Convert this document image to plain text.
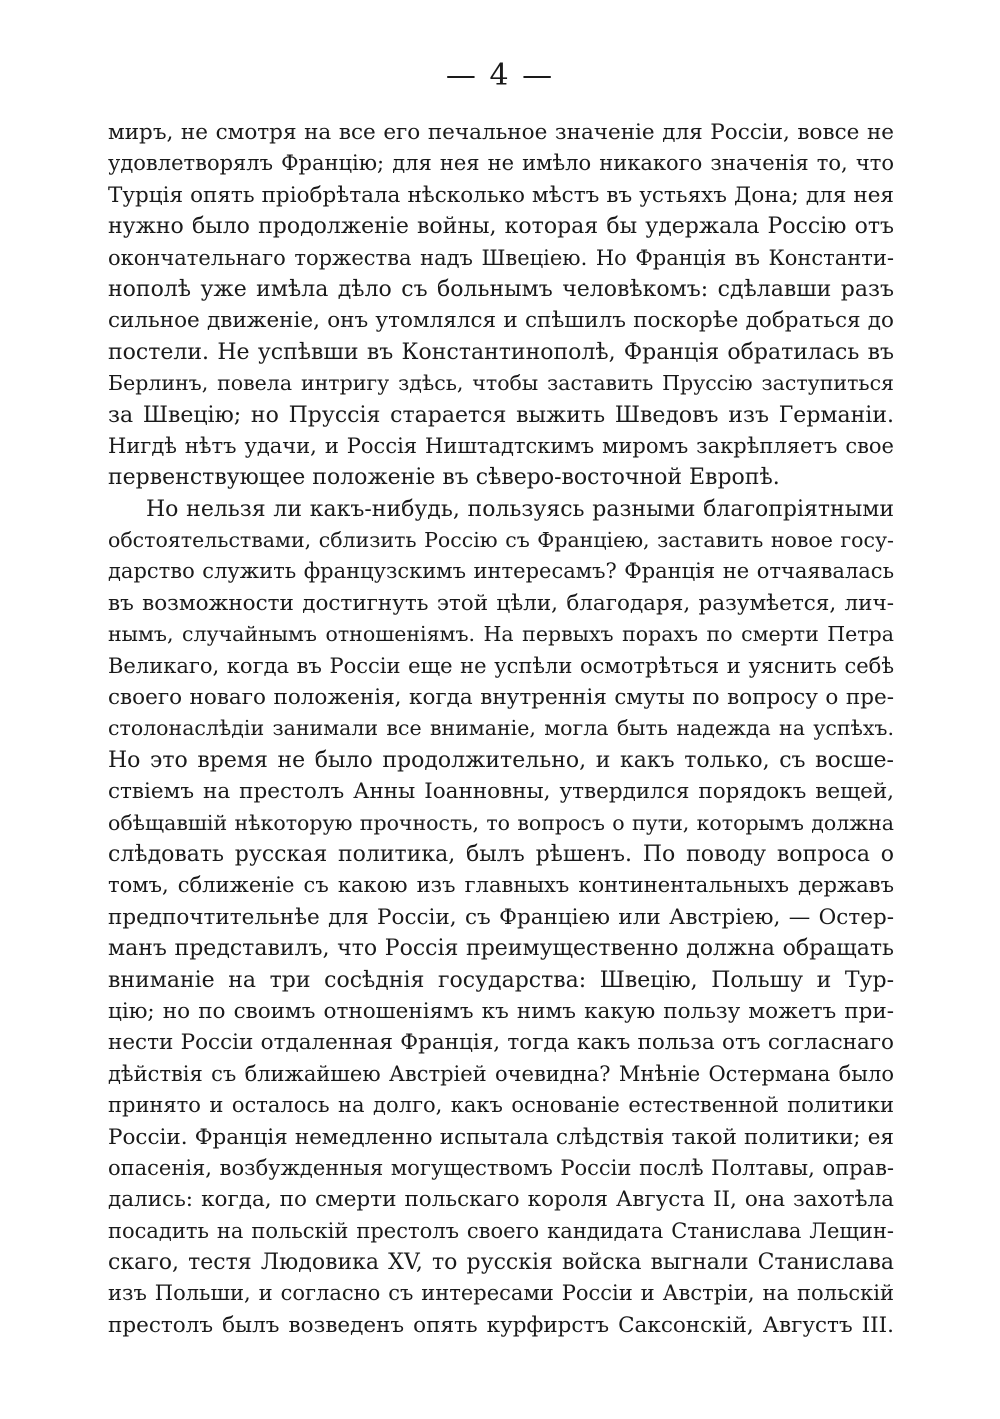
— 4 —
миръ, не смотря на все его печальное значеніе для Россіи, вовсе не
удовлетворялъ Францію; для нея не имѣло никакого значенія то, что
Турція опять пріобрѣтала нѣсколько мѣстъ въ устьяхъ Дона; для нея
нужно было продолженіе войны, которая бы удержала Россію отъ
окончательнаго торжества надъ Швеціею. Но Франція въ Константи-
нополѣ уже имѣла дѣло съ больнымъ человѣкомъ: сдѣлавши разъ
сильное движеніе, онъ утомлялся и спѣшилъ поскорѣе добраться до
постели. Не успѣвши въ Константинополѣ, Франція обратилась въ
Берлинъ, повела интригу здѣсь, чтобы заставить Пруссію заступиться
за Швецію; но Пруссія старается выжить Шведовъ изъ Германіи.
Нигдѣ нѣтъ удачи, и Россія Ништадтскимъ миромъ закрѣпляетъ свое
первенствующее положеніе въ сѣверо-восточной Европѣ.
Но нельзя ли какъ-нибудь, пользуясь разными благопріятными
обстоятельствами, сблизить Россію съ Франціею, заставить новое госу-
дарство служить французскимъ интересамъ? Франція не отчаявалась
въ возможности достигнуть этой цѣли, благодаря, разумѣется, лич-
нымъ, случайнымъ отношеніямъ. На первыхъ порахъ по смерти Петра
Великаго, когда въ Россіи еще не успѣли осмотрѣться и уяснить себѣ
своего новаго положенія, когда внутреннія смуты по вопросу о пре-
столонаслѣдіи занимали все вниманіе, могла быть надежда на успѣхъ.
Но это время не было продолжительно, и какъ только, съ восше-
ствіемъ на престолъ Анны Іоанновны, утвердился порядокъ вещей,
обѣщавшій нѣкоторую прочность, то вопросъ о пути, которымъ должна
слѣдовать русская политика, былъ рѣшенъ. По поводу вопроса о
томъ, сближеніе съ какою изъ главныхъ континентальныхъ державъ
предпочтительнѣе для Россіи, съ Франціею или Австріею, — Остер-
манъ представилъ, что Россія преимущественно должна обращать
вниманіе на три сосѣднія государства: Швецію, Польшу и Тур-
цію; но по своимъ отношеніямъ къ нимъ какую пользу можетъ при-
нести Россіи отдаленная Франція, тогда какъ польза отъ согласнаго
дѣйствія съ ближайшею Австріей очевидна? Мнѣніе Остермана было
принято и осталось на долго, какъ основаніе естественной политики
Россіи. Франція немедленно испытала слѣдствія такой политики; ея
опасенія, возбужденныя могуществомъ Россіи послѣ Полтавы, оправ-
дались: когда, по смерти польскаго короля Августа II, она захотѣла
посадить на польскій престолъ своего кандидата Станислава Лещин-
скаго, тестя Людовика XV, то русскія войска выгнали Станислава
изъ Польши, и согласно съ интересами Россіи и Австріи, на польскій
престолъ былъ возведенъ опять курфирстъ Саксонскій, Августъ III.
